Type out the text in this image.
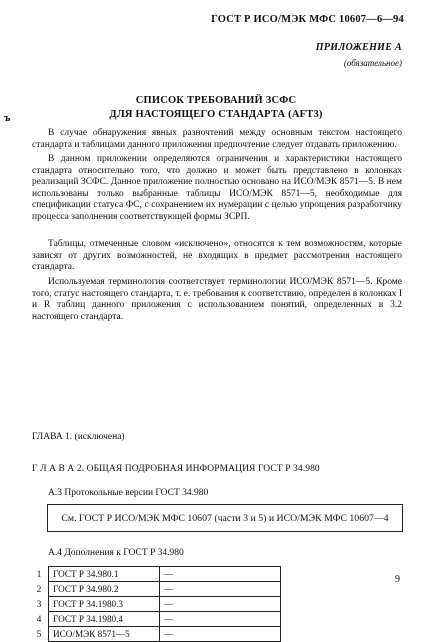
ГОСТ Р ИСО/МЭК МФС 10607—6—94
ПРИЛОЖЕНИЕ А
(обязательное)
ъ
СПИСОК ТРЕБОВАНИЙ ЗСФС
ДЛЯ НАСТОЯЩЕГО СТАНДАРТА (AFT3)

В случае обнаружения явных разночтений между основным текстом настоящего стандарта и таблицами данного приложения предпочтение следует отдавать приложению.

В данном приложении определяются ограничения и характеристики настоящего стандарта относительно того, что должно и может быть представлено в колонках реализаций ЗСФС. Данное приложение полностью основано на ИСО/МЭК 8571—5. В нем использованы только выбранные таблицы ИСО/МЭК 8571—5, необходимые для спецификации статуса ФС, с сохранением их нумерации с целью упрощения разработчику процесса заполнения соответствующей формы ЗСРП.

Таблицы, отмеченные словом «исключено», относятся к тем возможностям, которые зависят от других возможностей, не входящих в предмет рассмотрения настоящего стандарта.

Используемая терминология соответствует терминологии ИСО/МЭК 8571—5. Кроме того, статус настоящего стандарта, т. е. требования к соответствию, определен в колонках I и R таблиц данного приложения с использованием понятий, определенных в 3.2 настоящего стандарта.

ГЛАВА 1. (исключена)
Г Л А В А 2. ОБЩАЯ ПОДРОБНАЯ ИНФОРМАЦИЯ ГОСТ Р 34.980
А.3 Протокольные версии ГОСТ 34.980
См. ГОСТ Р ИСО/МЭК МФС 10607 (части 3 и 5) и ИСО/МЭК МФС 10607—4
А.4 Дополнения к ГОСТ Р 34.980
1	ГОСТ Р 34.980.1	—
2	ГОСТ Р 34.980.2	—
3	ГОСТ Р 34.1980.3	—
4	ГОСТ Р 34.1980.4	—
5	ИСО/МЭК 8571—5	—
9
